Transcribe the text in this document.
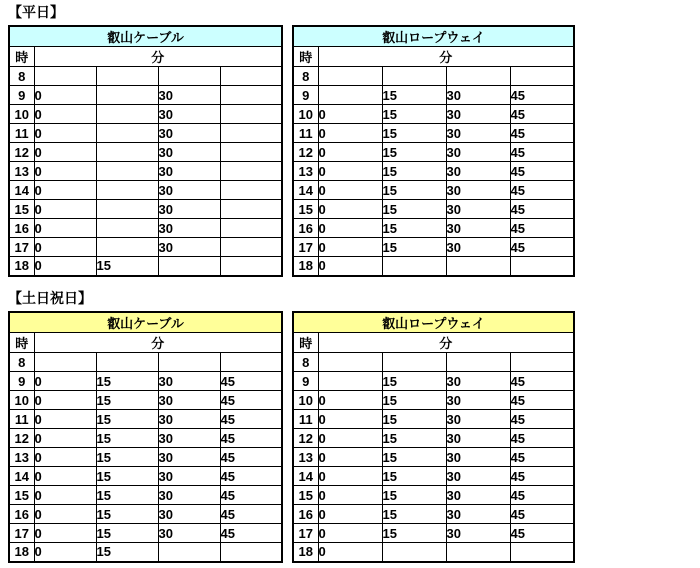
【平日】
叡山ケーブル				
時	分			
8				
9	0		30	
10	0		30	
11	0		30	
12	0		30	
13	0		30	
14	0		30	
15	0		30	
16	0		30	
17	0		30	
18	0	15		
叡山ロープウェイ				
時	分			
8				
9		15	30	45
10	0	15	30	45
11	0	15	30	45
12	0	15	30	45
13	0	15	30	45
14	0	15	30	45
15	0	15	30	45
16	0	15	30	45
17	0	15	30	45
18	0			
【土日祝日】
叡山ケーブル				
時	分			
8				
9	0	15	30	45
10	0	15	30	45
11	0	15	30	45
12	0	15	30	45
13	0	15	30	45
14	0	15	30	45
15	0	15	30	45
16	0	15	30	45
17	0	15	30	45
18	0	15		
叡山ロープウェイ				
時	分			
8				
9		15	30	45
10	0	15	30	45
11	0	15	30	45
12	0	15	30	45
13	0	15	30	45
14	0	15	30	45
15	0	15	30	45
16	0	15	30	45
17	0	15	30	45
18	0			
